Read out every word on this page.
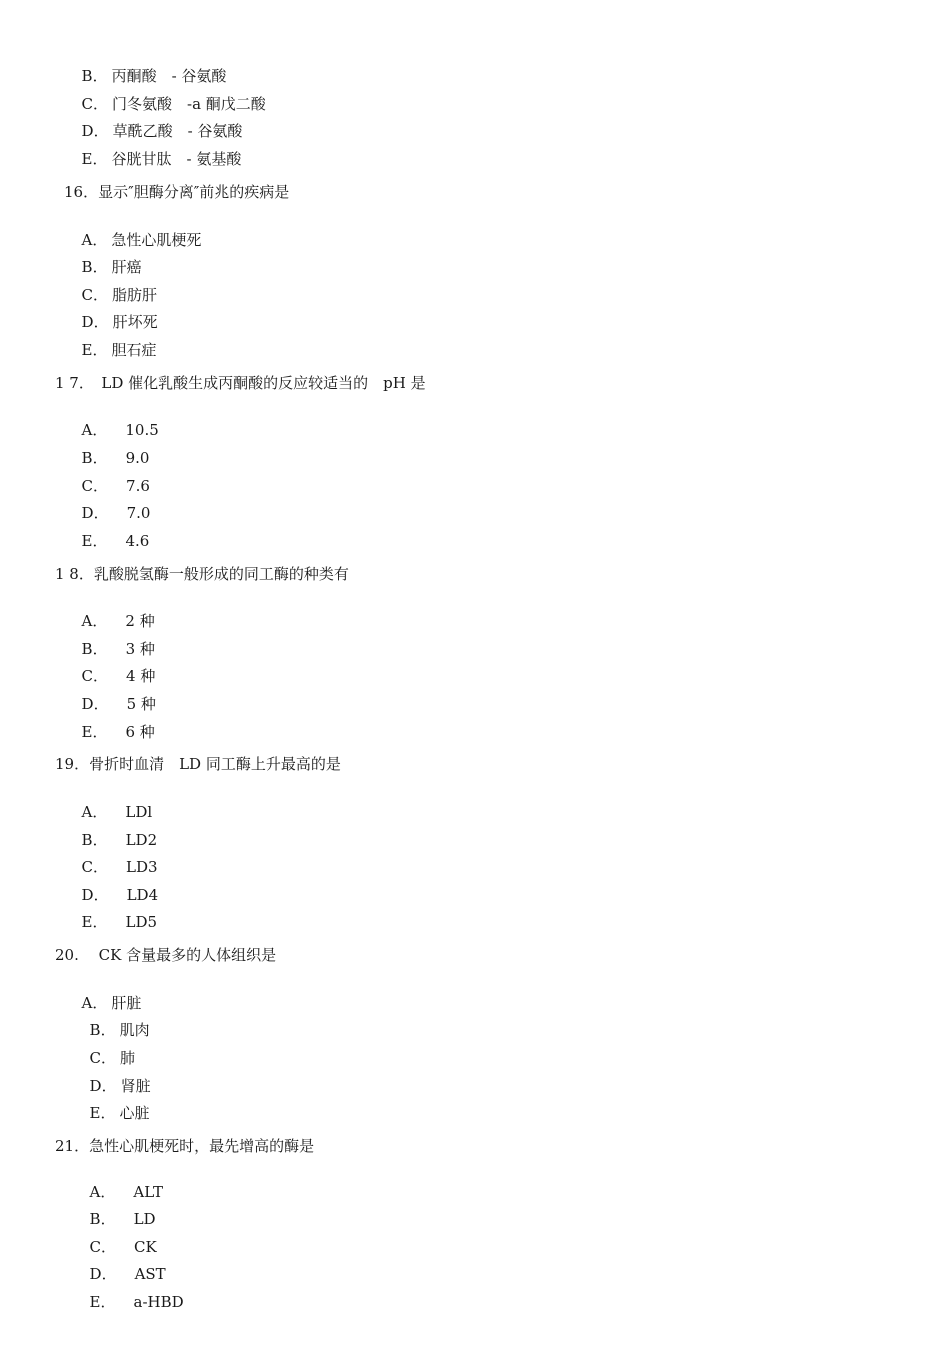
B． 丙酮酸　- 谷氨酸

C． 门冬氨酸　-a 酮戊二酸

D． 草酰乙酸　- 谷氨酸

E． 谷胱甘肽　- 氨基酸

16．显示″胆酶分离″前兆的疾病是

A． 急性心肌梗死

B． 肝癌

C． 脂肪肝

D． 肝坏死

E． 胆石症

1 7．　LD 催化乳酸生成丙酮酸的反应较适当的　pH 是

A． 10.5

B． 9.0

C． 7.6

D． 7.0

E． 4.6

1 8．乳酸脱氢酶一般形成的同工酶的种类有

A． 2 种

B． 3 种

C． 4 种

D． 5 种

E． 6 种

19．骨折时血清　LD 同工酶上升最高的是

A． LDl

B． LD2

C． LD3

D． LD4

E． LD5

20.　 CK 含量最多的人体组织是

A． 肝脏

B． 肌肉

C． 肺

D． 肾脏

E． 心脏

21．急性心肌梗死时，最先增高的酶是

A． ALT

B． LD

C． CK

D． AST

E． a-HBD
